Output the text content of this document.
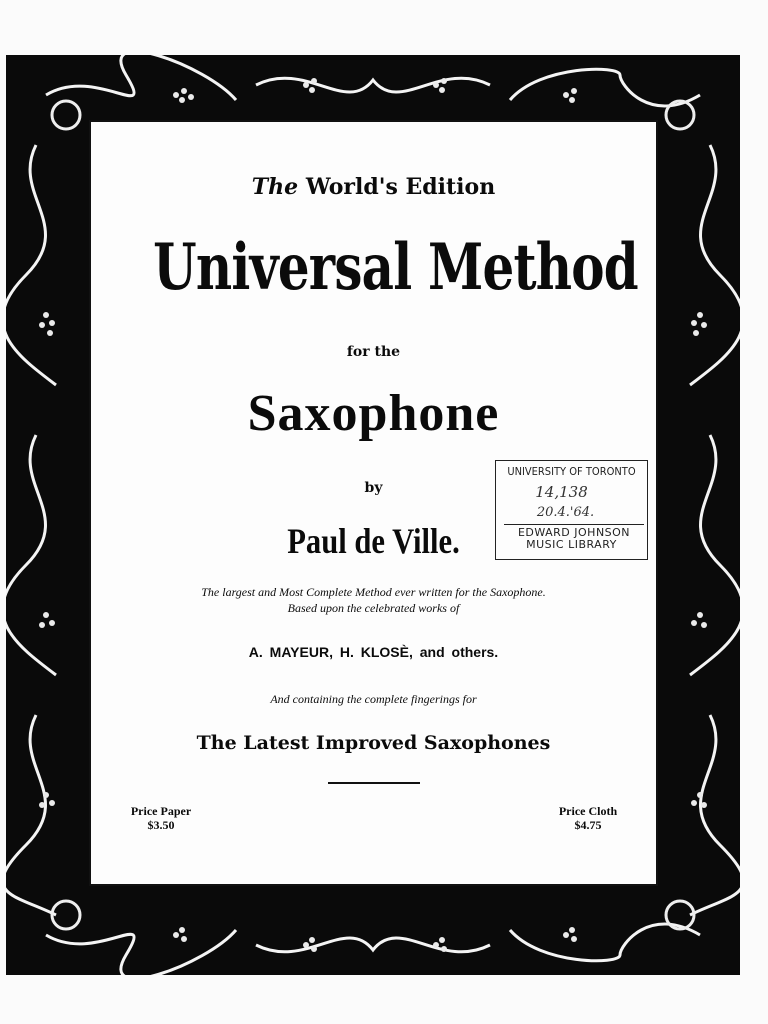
The World's Edition
Universal Method
for the
Saxophone
by
Paul de Ville.
The largest and Most Complete Method ever written for the Saxophone.
Based upon the celebrated works of
A. MAYEUR, H. KLOSÈ, and others.
And containing the complete fingerings for
The Latest Improved Saxophones
Price Paper
$3.50
Price Cloth
$4.75
UNIVERSITY OF TORONTO
14,138
20.4.'64.
EDWARD JOHNSON
MUSIC LIBRARY
